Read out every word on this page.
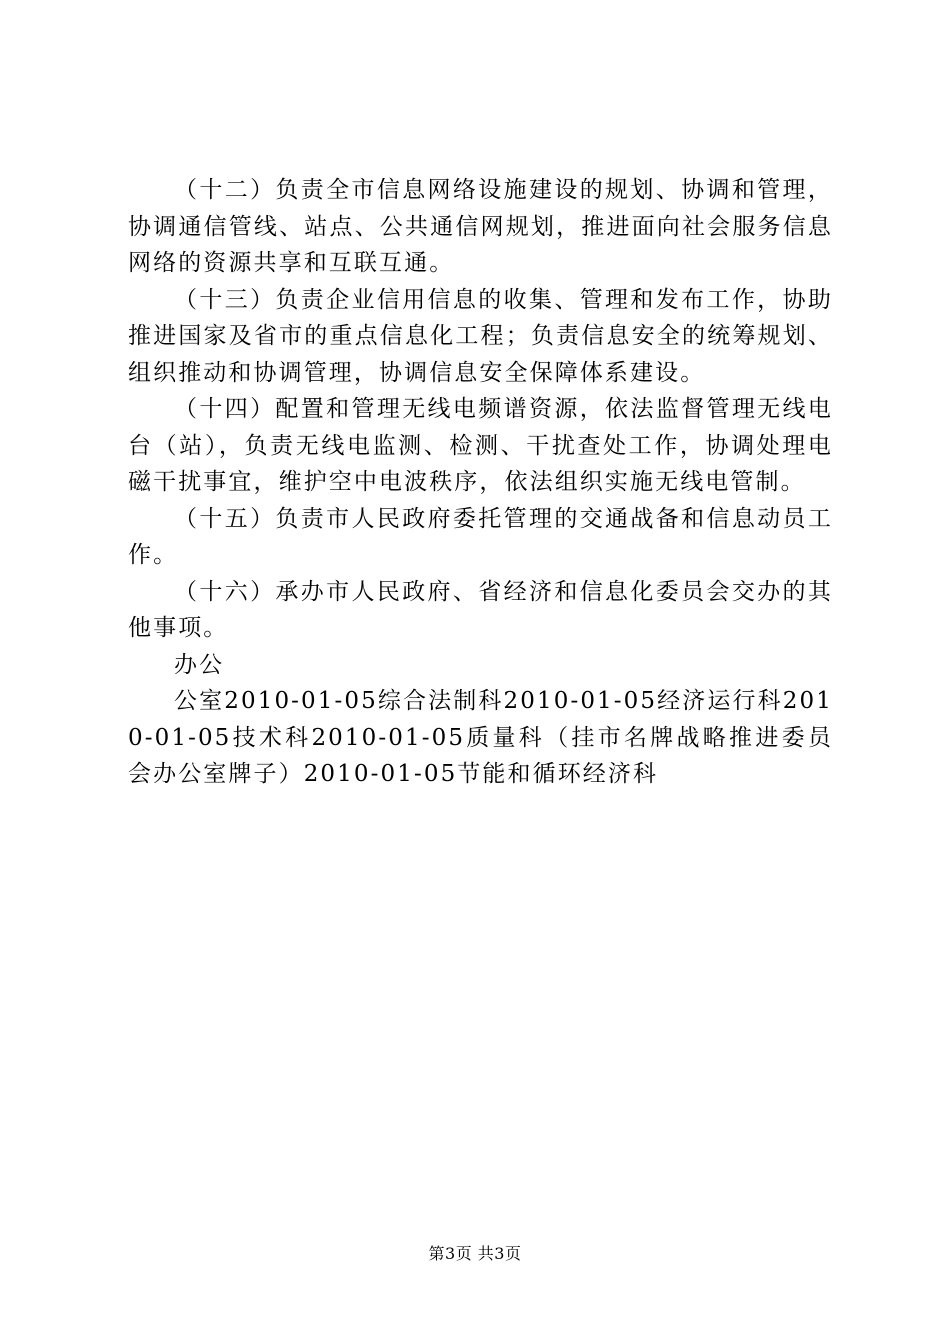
（十二）负责全市信息网络设施建设的规划、协调和管理，协调通信管线、站点、公共通信网规划，推进面向社会服务信息网络的资源共享和互联互通。

（十三）负责企业信用信息的收集、管理和发布工作，协助推进国家及省市的重点信息化工程；负责信息安全的统筹规划、组织推动和协调管理，协调信息安全保障体系建设。

（十四）配置和管理无线电频谱资源，依法监督管理无线电台（站），负责无线电监测、检测、干扰查处工作，协调处理电磁干扰事宜，维护空中电波秩序，依法组织实施无线电管制。

（十五）负责市人民政府委托管理的交通战备和信息动员工作。

（十六）承办市人民政府、省经济和信息化委员会交办的其他事项。

办公

公室2010-01-05综合法制科2010-01-05经济运行科2010-01-05技术科2010-01-05质量科（挂市名牌战略推进委员会办公室牌子）2010-01-05节能和循环经济科

第3页 共3页
